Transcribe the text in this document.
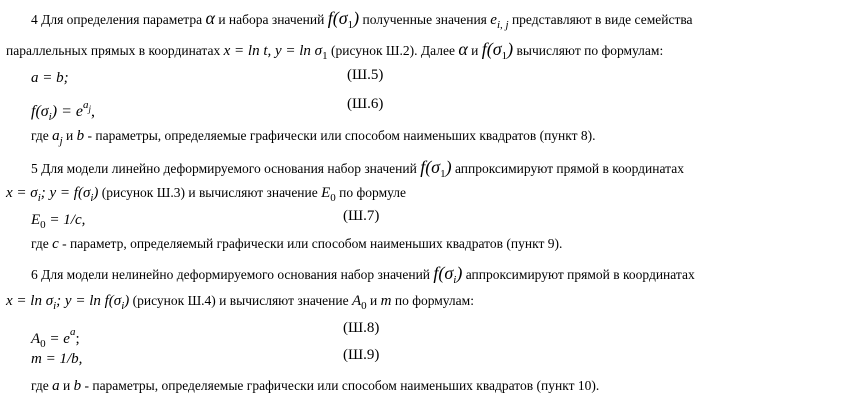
4 Для определения параметра α и набора значений $f(\sigma_1)$ полученные значения $e_{i, j}$ представляют в виде семейства
параллельных прямых в координатах x = ln t, $y = \ln \sigma_1$ (рисунок Ш.2). Далее α и $f(\sigma_1)$ вычисляют по формулам:
a = b;	(Ш.5)
$f(\sigma_i) = e^{aj}$,	(Ш.6)
где $a_j$ и b - параметры, определяемые графически или способом наименьших квадратов (пункт 8).
5 Для модели линейно деформируемого основания набор значений $f(\sigma_1)$ аппроксимируют прямой в координатах
$x = \sigma_i$; $y = f(\sigma_i)$ (рисунок Ш.3) и вычисляют значение $E_0$ по формуле
$E_0 = 1/c$,	(Ш.7)
где c - параметр, определяемый графически или способом наименьших квадратов (пункт 9).
6 Для модели нелинейно деформируемого основания набор значений $f(\sigma_i)$ аппроксимируют прямой в координатах
$x = \ln \sigma_i$; $y = \ln f(\sigma_i)$ (рисунок Ш.4) и вычисляют значение $A_0$ и m по формулам:
$A_0 = e^a$;
(Ш.8)
m = 1/b,	(Ш.9)
где a и b - параметры, определяемые графически или способом наименьших квадратов (пункт 10).
